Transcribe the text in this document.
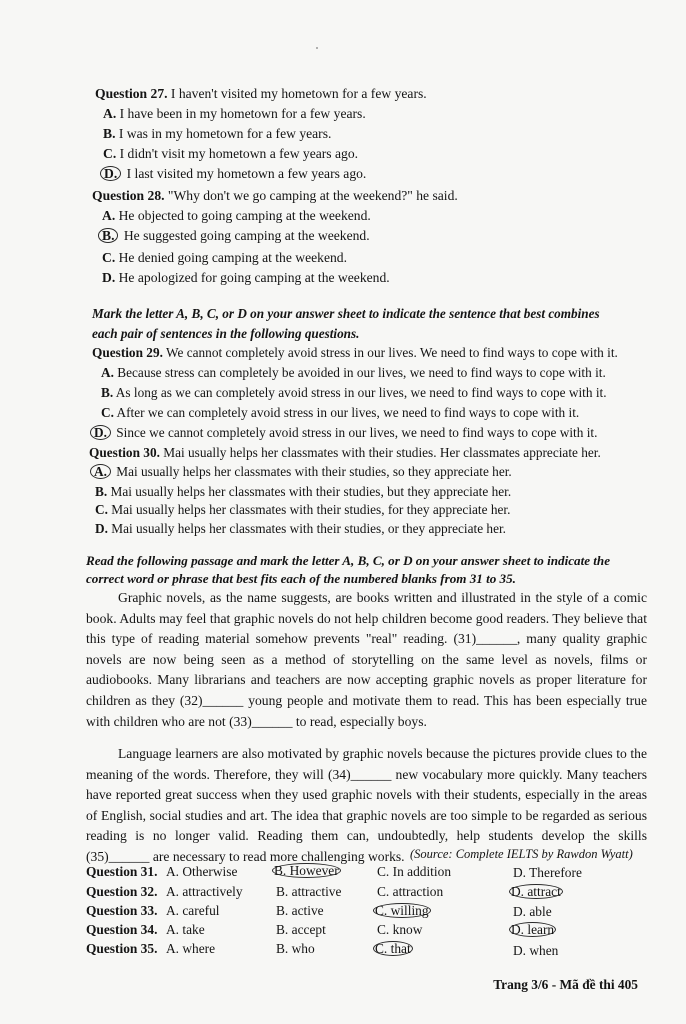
Question 27. I haven't visited my hometown for a few years.
A. I have been in my hometown for a few years.
B. I was in my hometown for a few years.
C. I didn't visit my hometown a few years ago.
D. I last visited my hometown a few years ago.
Question 28. "Why don't we go camping at the weekend?" he said.
A. He objected to going camping at the weekend.
B. He suggested going camping at the weekend.
C. He denied going camping at the weekend.
D. He apologized for going camping at the weekend.
Mark the letter A, B, C, or D on your answer sheet to indicate the sentence that best combines
each pair of sentences in the following questions.
Question 29. We cannot completely avoid stress in our lives. We need to find ways to cope with it.
A. Because stress can completely be avoided in our lives, we need to find ways to cope with it.
B. As long as we can completely avoid stress in our lives, we need to find ways to cope with it.
C. After we can completely avoid stress in our lives, we need to find ways to cope with it.
D. Since we cannot completely avoid stress in our lives, we need to find ways to cope with it.
Question 30. Mai usually helps her classmates with their studies. Her classmates appreciate her.
A. Mai usually helps her classmates with their studies, so they appreciate her.
B. Mai usually helps her classmates with their studies, but they appreciate her.
C. Mai usually helps her classmates with their studies, for they appreciate her.
D. Mai usually helps her classmates with their studies, or they appreciate her.
Read the following passage and mark the letter A, B, C, or D on your answer sheet to indicate the
correct word or phrase that best fits each of the numbered blanks from 31 to 35.
Graphic novels, as the name suggests, are books written and illustrated in the style of a comic book. Adults may feel that graphic novels do not help children become good readers. They believe that this type of reading material somehow prevents "real" reading. (31)______, many quality graphic novels are now being seen as a method of storytelling on the same level as novels, films or audiobooks. Many librarians and teachers are now accepting graphic novels as proper literature for children as they (32)______ young people and motivate them to read. This has been especially true with children who are not (33)______ to read, especially boys.
Language learners are also motivated by graphic novels because the pictures provide clues to the meaning of the words. Therefore, they will (34)______ new vocabulary more quickly. Many teachers have reported great success when they used graphic novels with their students, especially in the areas of English, social studies and art. The idea that graphic novels are too simple to be regarded as serious reading is no longer valid. Reading them can, undoubtedly, help students develop the skills (35)______ are necessary to read more challenging works. (Source: Complete IELTS by Rawdon Wyatt)
Question 31. A. Otherwise	B. However	C. In addition	D. Therefore
Question 32. A. attractively B. attractive	C. attraction	D. attract
Question 33. A. careful	B. active	C. willing	D. able
Question 34. A. take	B. accept	C. know	D. learn
Question 35. A. where	B. who	C. that	D. when
Trang 3/6 - Mã đề thi 405
